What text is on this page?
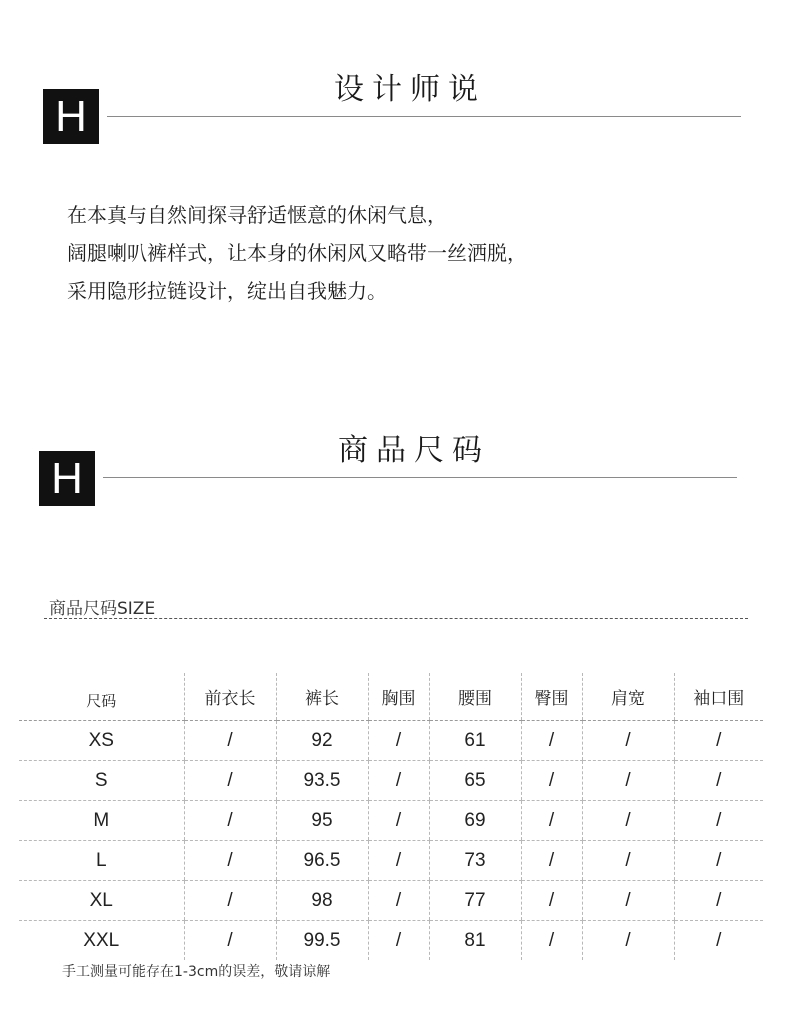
H
设计师说
在本真与自然间探寻舒适惬意的休闲气息，
阔腿喇叭裤样式，让本身的休闲风又略带一丝洒脱，
采用隐形拉链设计，绽出自我魅力。
H
商品尺码
商品尺码SIZE
尺码	前衣长	裤长	胸围	腰围	臀围	肩宽	袖口围
XS	/	92	/	61	/	/	/
S	/	93.5	/	65	/	/	/
M	/	95	/	69	/	/	/
L	/	96.5	/	73	/	/	/
XL	/	98	/	77	/	/	/
XXL	/	99.5	/	81	/	/	/
手工测量可能存在1-3cm的误差，敬请谅解
